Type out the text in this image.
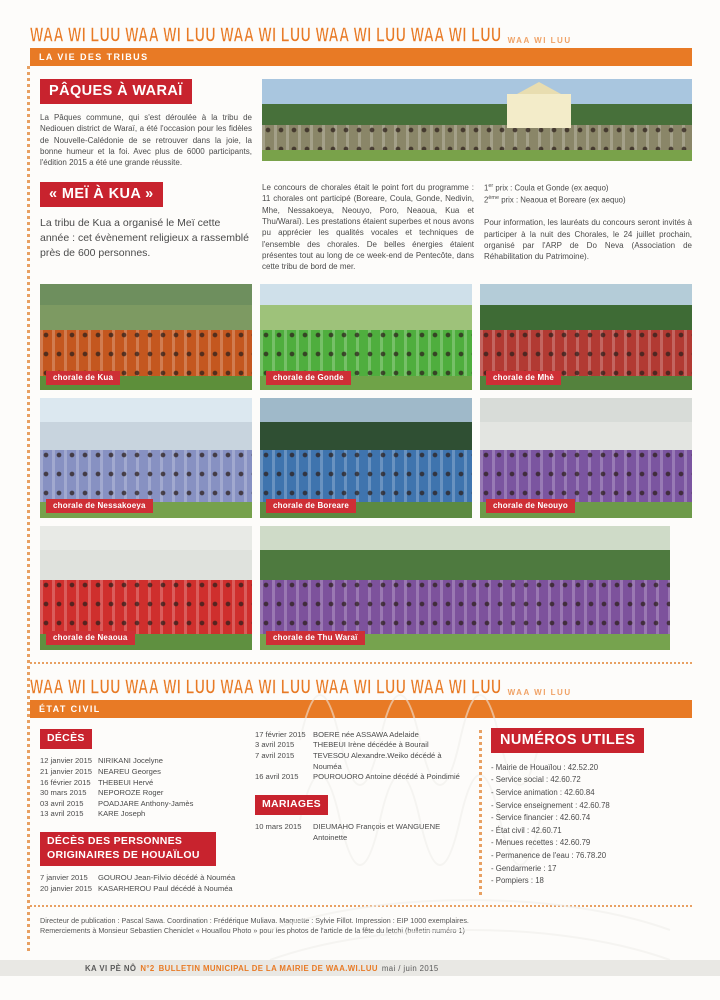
WAA WI LUU WAA WI LUU WAA WI LUU WAA WI LUU WAA WI LUU WAA WI LUU
LA VIE DES TRIBUS
PÂQUES À WARAÏ

La Pâques commune, qui s'est déroulée à la tribu de Nediouen district de Waraï, a été l'occasion pour les fidèles de Nouvelle-Calédonie de se retrouver dans la joie, la bonne humeur et la foi. Avec plus de 6000 participants, l'édition 2015 a été une grande réussite.

« MEÏ À KUA »

La tribu de Kua a organisé le Meï cette année : cet évènement religieux a rassemblé près de 600 personnes.

Le concours de chorales était le point fort du programme : 11 chorales ont participé (Boreare, Coula, Gonde, Nedivin, Mhe, Nessakoeya, Neouyo, Poro, Neaoua, Kua et Thu/Waraï). Les prestations étaient superbes et nous avons pu apprécier les qualités vocales et techniques de l'ensemble des chorales. De belles énergies étaient présentes tout au long de ce week-end de Pentecôte, dans cette tribu de bord de mer.

1er prix : Coula et Gonde (ex aequo)
2ème prix : Neaoua et Boreare (ex aequo)

Pour information, les lauréats du concours seront invités à participer à la nuit des Chorales, le 24 juillet prochain, organisé par l'ARP de Do Neva (Association de Réhabilitation du Patrimoine).

chorale de Kua	chorale de Gonde	chorale de Mhè
chorale de Nessakoeya	chorale de Boreare	chorale de Neouyo
chorale de Neaoua	chorale de Thu Waraï
WAA WI LUU WAA WI LUU WAA WI LUU WAA WI LUU WAA WI LUU WAA WI LUU
ÉTAT CIVIL
DÉCÈS
12 janvier 2015 NIRIKANI Jocelyne
21 janvier 2015 NEAREU Georges
16 février 2015 THEBEUI Hervé
30 mars 2015	NEPOROZE Roger
03 avril 2015	POADJARE Anthony-Jamès
13 avril 2015	KARE Joseph
DÉCÈS DES PERSONNES ORIGINAIRES DE HOUAÏLOU
7 janvier 2015	GOUROU Jean-Filvio décédé à Nouméa
20 janvier 2015 KASARHEROU Paul décédé à Nouméa
17 février 2015 BOERE née ASSAWA Adelaide
3 avril 2015	THEBEUI Irène décédée à Bourail
7 avril 2015	TEVESOU Alexandre.Weiko décédé à Nouméa
16 avril 2015	POUROUORO Antoine décédé à Poindimié
MARIAGES
10 mars 2015	DIEUMAHO François et WANGUENE Antoinette
NUMÉROS UTILES
- Mairie de Houaïlou : 42.52.20
- Service social : 42.60.72
- Service animation : 42.60.84
- Service enseignement : 42.60.78
- Service financier : 42.60.74
- État civil : 42.60.71
- Menues recettes : 42.60.79
- Permanence de l'eau : 76.78.20
- Gendarmerie : 17
- Pompiers : 18
Directeur de publication : Pascal Sawa. Coordination : Frédérique Muliava. Maquette : Sylvie Fillot. Impression : EIP 1000 exemplaires.
Remerciements à Monsieur Sebastien Cheniclet « Houaïlou Photo » pour les photos de l'article de la fête du letchi (bulletin numéro 1)
KA VI PÈ NÔ N°2 BULLETIN MUNICIPAL DE LA MAIRIE DE WAA.WI.LUU mai / juin 2015
